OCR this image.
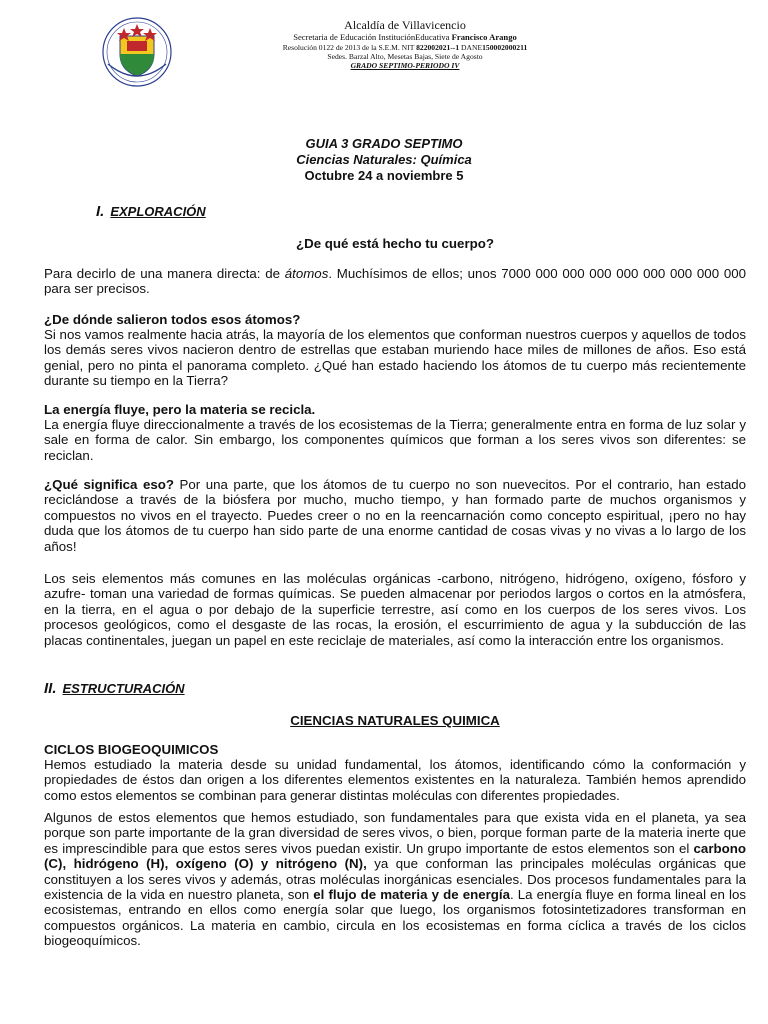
Alcaldía de Villavicencio
Secretaria de Educación InstituciónEducativa Francisco Arango
Resolución 0122 de 2013 de la S.E.M. NIT 822002021--1 DANE150002000211
Sedes. Barzal Alto, Mesetas Bajas, Siete de Agosto
GRADO SEPTIMO-PERIODO IV
GUIA 3 GRADO SEPTIMO
Ciencias Naturales: Química
Octubre 24 a noviembre 5
I. EXPLORACIÓN
¿De qué está hecho tu cuerpo?
Para decirlo de una manera directa: de átomos. Muchísimos de ellos; unos 7000 000 000 000 000 000 000 000 000 para ser precisos.
¿De dónde salieron todos esos átomos?
Si nos vamos realmente hacia atrás, la mayoría de los elementos que conforman nuestros cuerpos y aquellos de todos los demás seres vivos nacieron dentro de estrellas que estaban muriendo hace miles de millones de años. Eso está genial, pero no pinta el panorama completo. ¿Qué han estado haciendo los átomos de tu cuerpo más recientemente durante su tiempo en la Tierra?
La energía fluye, pero la materia se recicla.
La energía fluye direccionalmente a través de los ecosistemas de la Tierra; generalmente entra en forma de luz solar y sale en forma de calor. Sin embargo, los componentes químicos que forman a los seres vivos son diferentes: se reciclan.
¿Qué significa eso? Por una parte, que los átomos de tu cuerpo no son nuevecitos. Por el contrario, han estado reciclándose a través de la biósfera por mucho, mucho tiempo, y han formado parte de muchos organismos y compuestos no vivos en el trayecto. Puedes creer o no en la reencarnación como concepto espiritual, ¡pero no hay duda que los átomos de tu cuerpo han sido parte de una enorme cantidad de cosas vivas y no vivas a lo largo de los años!
Los seis elementos más comunes en las moléculas orgánicas -carbono, nitrógeno, hidrógeno, oxígeno, fósforo y azufre- toman una variedad de formas químicas. Se pueden almacenar por periodos largos o cortos en la atmósfera, en la tierra, en el agua o por debajo de la superficie terrestre, así como en los cuerpos de los seres vivos. Los procesos geológicos, como el desgaste de las rocas, la erosión, el escurrimiento de agua y la subducción de las placas continentales, juegan un papel en este reciclaje de materiales, así como la interacción entre los organismos.
II. ESTRUCTURACIÓN
CIENCIAS NATURALES QUIMICA
CICLOS BIOGEOQUIMICOS
Hemos estudiado la materia desde su unidad fundamental, los átomos, identificando cómo la conformación y propiedades de éstos dan origen a los diferentes elementos existentes en la naturaleza. También hemos aprendido como estos elementos se combinan para generar distintas moléculas con diferentes propiedades.
Algunos de estos elementos que hemos estudiado, son fundamentales para que exista vida en el planeta, ya sea porque son parte importante de la gran diversidad de seres vivos, o bien, porque forman parte de la materia inerte que es imprescindible para que estos seres vivos puedan existir. Un grupo importante de estos elementos son el carbono (C), hidrógeno (H), oxígeno (O) y nitrógeno (N), ya que conforman las principales moléculas orgánicas que constituyen a los seres vivos y además, otras moléculas inorgánicas esenciales. Dos procesos fundamentales para la existencia de la vida en nuestro planeta, son el flujo de materia y de energía. La energía fluye en forma lineal en los ecosistemas, entrando en ellos como energía solar que luego, los organismos fotosintetizadores transforman en compuestos orgánicos. La materia en cambio, circula en los ecosistemas en forma cíclica a través de los ciclos biogeoquímicos.
